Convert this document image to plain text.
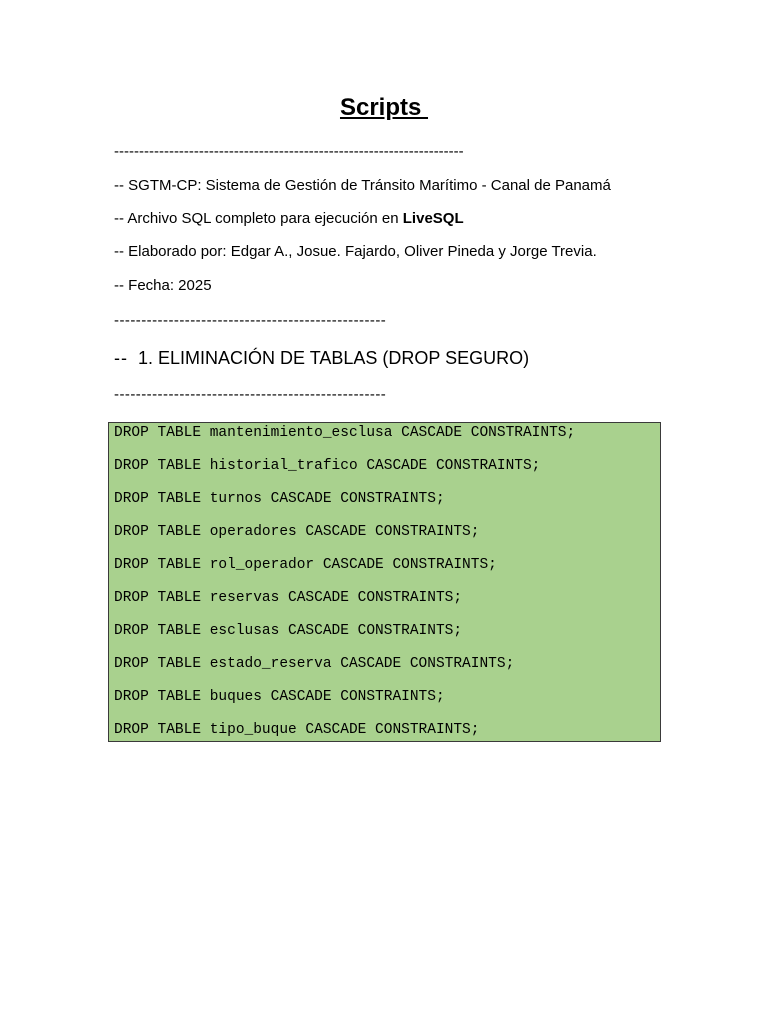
Scripts
----------------------------------------------------------------------
-- SGTM-CP: Sistema de Gestión de Tránsito Marítimo - Canal de Panamá
-- Archivo SQL completo para ejecución en LiveSQL
-- Elaborado por: Edgar A., Josue. Fajardo, Oliver Pineda y Jorge Trevia.
-- Fecha: 2025
--------------------------------------------------
-- 1. ELIMINACIÓN DE TABLAS (DROP SEGURO)
--------------------------------------------------
DROP TABLE mantenimiento_esclusa CASCADE CONSTRAINTS;
DROP TABLE historial_trafico CASCADE CONSTRAINTS;
DROP TABLE turnos CASCADE CONSTRAINTS;
DROP TABLE operadores CASCADE CONSTRAINTS;
DROP TABLE rol_operador CASCADE CONSTRAINTS;
DROP TABLE reservas CASCADE CONSTRAINTS;
DROP TABLE esclusas CASCADE CONSTRAINTS;
DROP TABLE estado_reserva CASCADE CONSTRAINTS;
DROP TABLE buques CASCADE CONSTRAINTS;
DROP TABLE tipo_buque CASCADE CONSTRAINTS;
